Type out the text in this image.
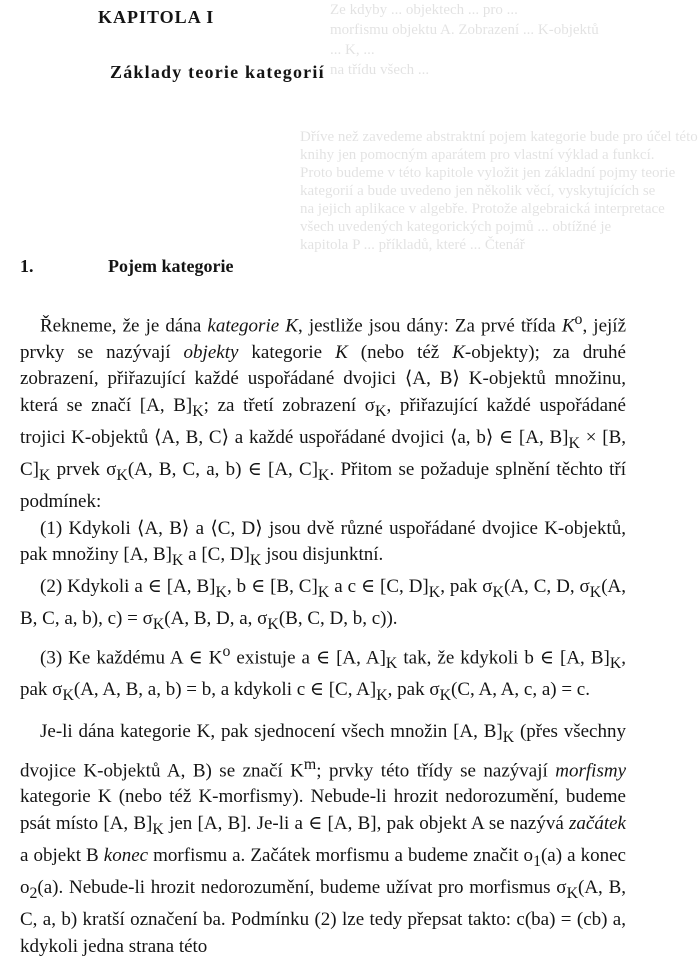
Ze kdyby ... objektech ... pro ...
morfismu objektu A. Zobrazení ... K-objektů
... K, ...
na třídu všech ...
Dříve než zavedeme abstraktní pojem kategorie bude pro účel této
knihy jen pomocným aparátem pro vlastní výklad a funkcí.
Proto budeme v této kapitole vyložit jen základní pojmy teorie
kategorií a bude uvedeno jen několik věcí, vyskytujících se
na jejich aplikace v algebře. Protože algebraická interpretace
všech uvedených kategorických pojmů ... obtížné je
kapitola P ... příkladů, které ... Čtenář
KAPITOLA I
Základy teorie kategorií
1.	Pojem kategorie

Řekneme, že je dána kategorie K, jestliže jsou dány: Za prvé třída $K^o$, jejíž prvky se nazývají objekty kategorie K (nebo též K-objekty); za druhé zobrazení, přiřazující každé uspořádané dvojici ⟨A, B⟩ K-objektů množinu, která se značí [A, $B]_K$; za třetí zobrazení $\sigma_K$, přiřazující každé uspořádané trojici K-objektů ⟨A, B, C⟩ a každé uspořádané dvojici ⟨a, b⟩ ∈ [A, $B]_K \times [B$, $C]_K$ prvek $\sigma_K(A$, B, C, a, b) ∈ [A, $C]_K$. Přitom se požaduje splnění těchto tří podmínek:

(1) Kdykoli ⟨A, B⟩ a ⟨C, D⟩ jsou dvě různé uspořádané dvojice K-objektů, pak množiny [A, $B]_K$ a [C, $D]_K$ jsou disjunktní.

(2) Kdykoli a ∈ [A, $B]_K$, b ∈ [B, $C]_K$ a c ∈ [C, $D]_K$, pak $\sigma_K(A$, C, D, $\sigma_K(A$, B, C, a, b), $c) = \sigma_K(A$, B, D, a, $\sigma_K(B$, C, D, b, c)).

(3) Ke každému A ∈ $K^o$ existuje a ∈ [A, $A]_K$ tak, že kdykoli b ∈ [A, $B]_K$, pak $\sigma_K(A$, A, B, a, b) = b, a kdykoli c ∈ [C, $A]_K$, pak $\sigma_K(C$, A, A, c, a) = c.

Je-li dána kategorie K, pak sjednocení všech množin [A, $B]_K$ (přes všechny dvojice K-objektů A, B) se značí $K^m$; prvky této třídy se nazývají morfismy kategorie K (nebo též K-morfismy). Nebude-li hrozit nedorozumění, budeme psát místo [A, $B]_K$ jen [A, B]. Je-li a ∈ [A, B], pak objekt A se nazývá začátek a objekt B konec morfismu a. Začátek morfismu a budeme značit $o_1(a)$ a konec $o_2(a)$. Nebude-li hrozit nedorozumění, budeme užívat pro morfismus $\sigma_K(A$, B, C, a, b) kratší označení ba. Podmínku (2) lze tedy přepsat takto: c(ba) = (cb) a, kdykoli jedna strana této
